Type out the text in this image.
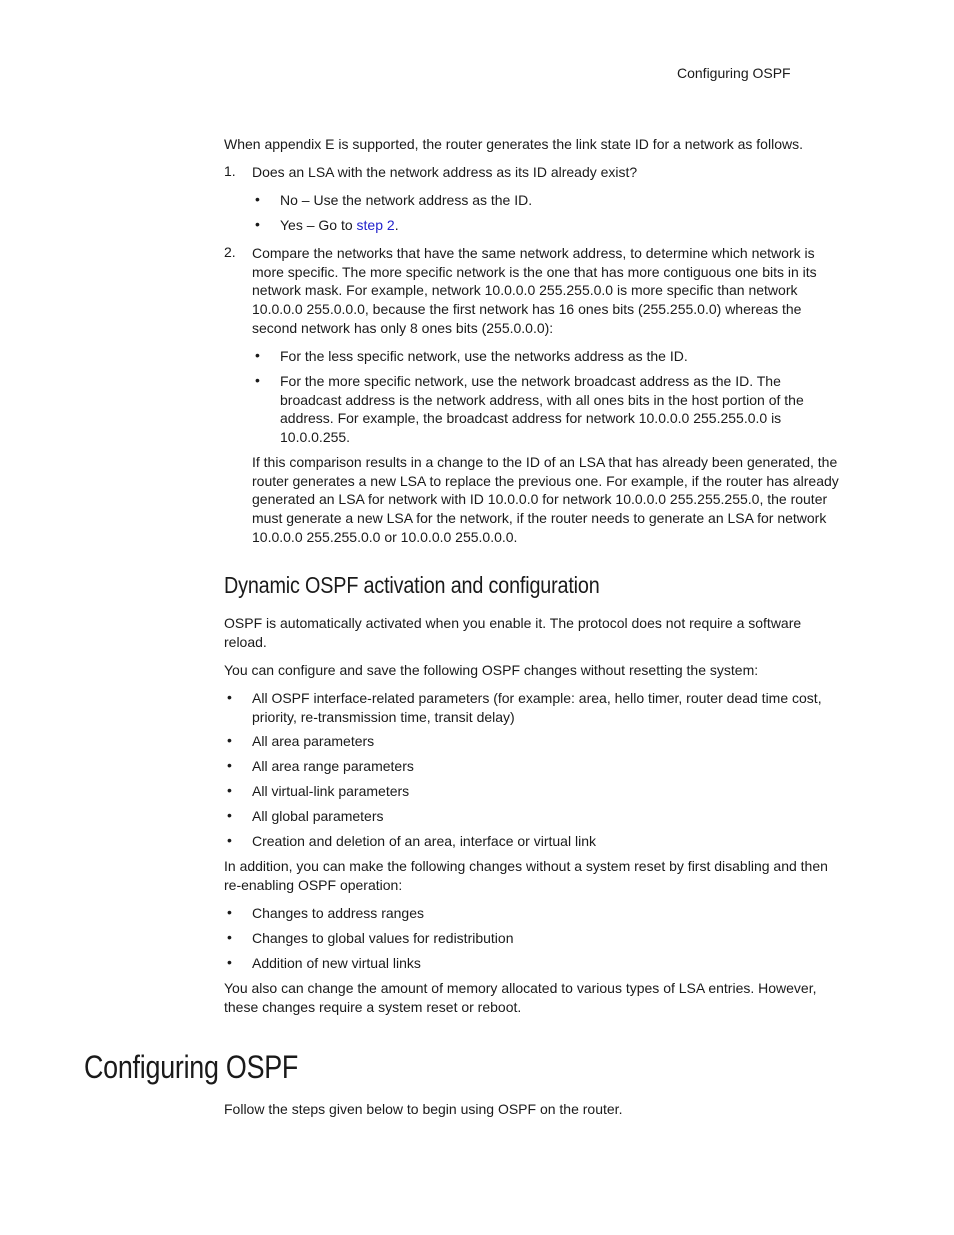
Configuring OSPF

When appendix E is supported, the router generates the link state ID for a network as follows.

1. Does an LSA with the network address as its ID already exist?

• No – Use the network address as the ID.

• Yes – Go to step 2.

2. Compare the networks that have the same network address, to determine which network is
more specific. The more specific network is the one that has more contiguous one bits in its
network mask. For example, network 10.0.0.0 255.255.0.0 is more specific than network
10.0.0.0 255.0.0.0, because the first network has 16 ones bits (255.255.0.0) whereas the
second network has only 8 ones bits (255.0.0.0):
• For the less specific network, use the networks address as the ID.
• For the more specific network, use the network broadcast address as the ID. The
broadcast address is the network address, with all ones bits in the host portion of the
address. For example, the broadcast address for network 10.0.0.0 255.255.0.0 is
10.0.0.255.
If this comparison results in a change to the ID of an LSA that has already been generated, the
router generates a new LSA to replace the previous one. For example, if the router has already
generated an LSA for network with ID 10.0.0.0 for network 10.0.0.0 255.255.255.0, the router
must generate a new LSA for the network, if the router needs to generate an LSA for network
10.0.0.0 255.255.0.0 or 10.0.0.0 255.0.0.0.
Dynamic OSPF activation and configuration
OSPF is automatically activated when you enable it. The protocol does not require a software
reload.

You can configure and save the following OSPF changes without resetting the system:

• All OSPF interface-related parameters (for example: area, hello timer, router dead time cost,
priority, re-transmission time, transit delay)
• All area parameters

• All area range parameters

• All virtual-link parameters

• All global parameters

• Creation and deletion of an area, interface or virtual link

In addition, you can make the following changes without a system reset by first disabling and then
re-enabling OSPF operation:
• Changes to address ranges

• Changes to global values for redistribution

• Addition of new virtual links

You also can change the amount of memory allocated to various types of LSA entries. However,
these changes require a system reset or reboot.
Configuring OSPF

Follow the steps given below to begin using OSPF on the router.
